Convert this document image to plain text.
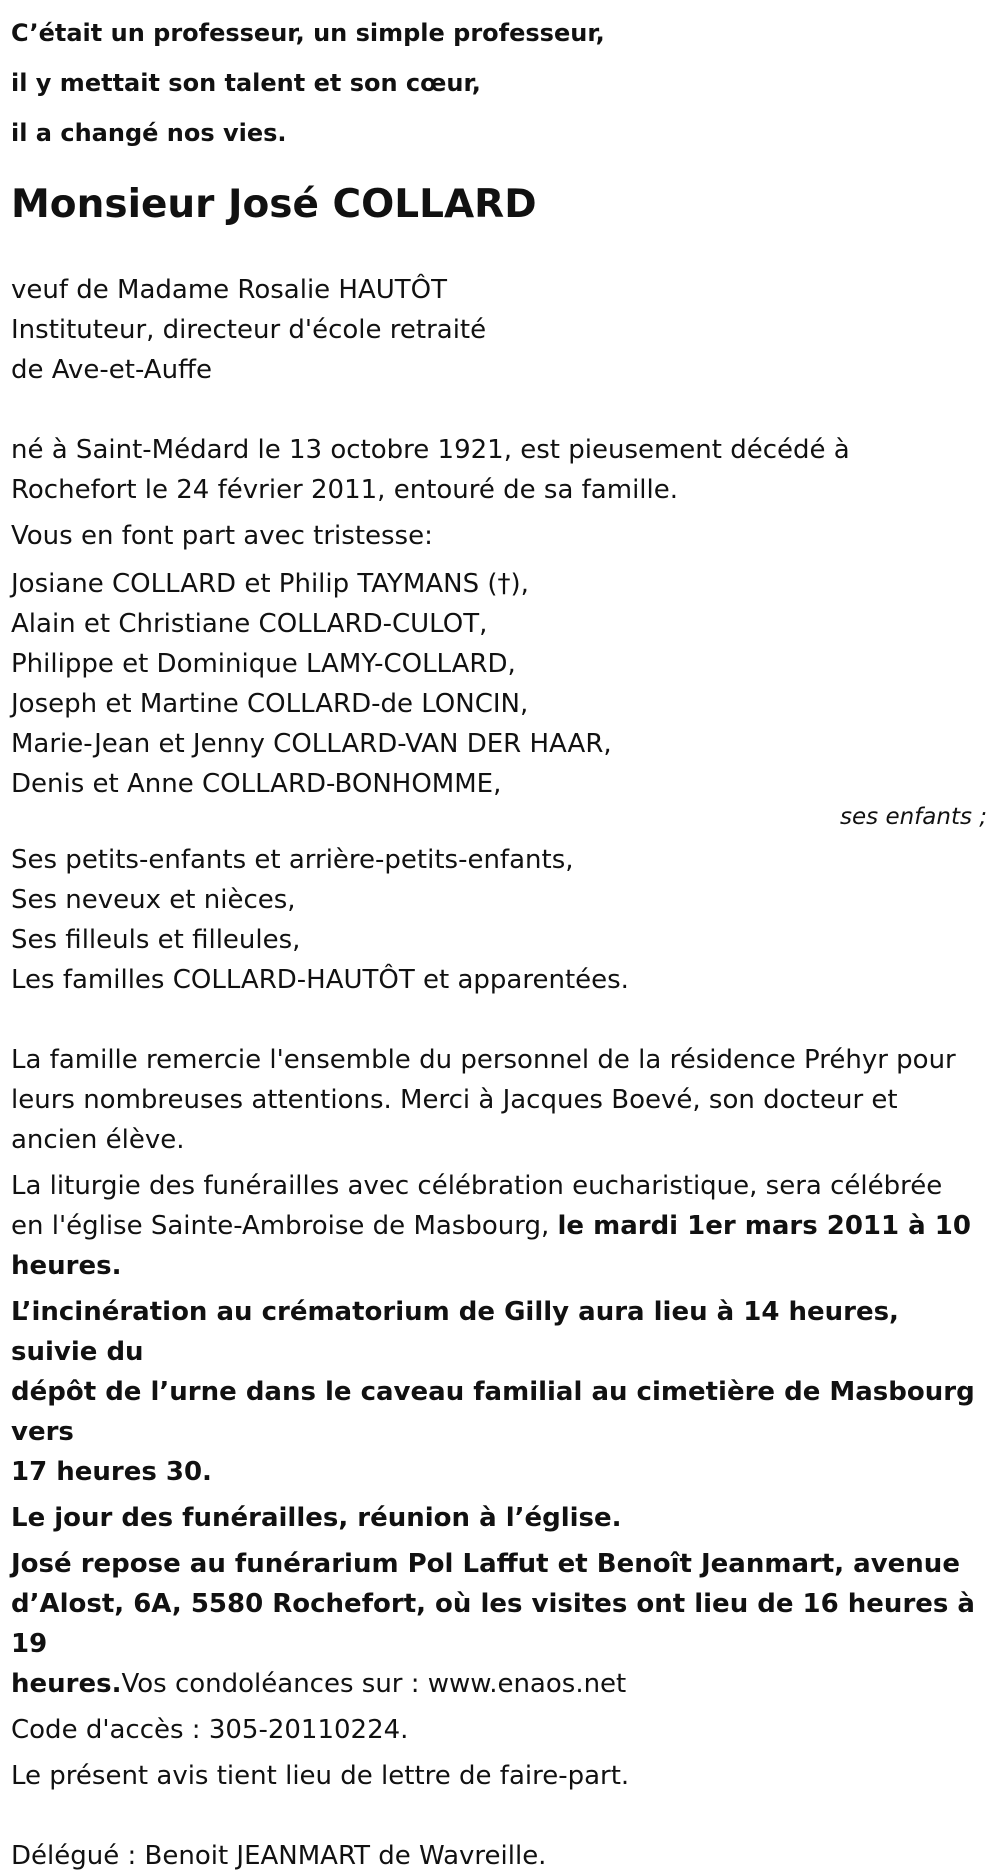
C’était un professeur, un simple professeur,

il y mettait son talent et son cœur,

il a changé nos vies.

Monsieur José COLLARD
veuf de Madame Rosalie HAUTÔT
Instituteur, directeur d'école retraité
de Ave-et-Auffe
né à Saint-Médard le 13 octobre 1921, est pieusement décédé à
Rochefort le 24 février 2011, entouré de sa famille.
Vous en font part avec tristesse:
Josiane COLLARD et Philip TAYMANS (†),
Alain et Christiane COLLARD-CULOT,
Philippe et Dominique LAMY-COLLARD,
Joseph et Martine COLLARD-de LONCIN,
Marie-Jean et Jenny COLLARD-VAN DER HAAR,
Denis et Anne COLLARD-BONHOMME,
ses enfants ;
Ses petits-enfants et arrière-petits-enfants,
Ses neveux et nièces,
Ses filleuls et filleules,
Les familles COLLARD-HAUTÔT et apparentées.
La famille remercie l'ensemble du personnel de la résidence Préhyr pour
leurs nombreuses attentions. Merci à Jacques Boevé, son docteur et
ancien élève.
La liturgie des funérailles avec célébration eucharistique, sera célébrée
en l'église Sainte-Ambroise de Masbourg, le mardi 1er mars 2011 à 10
heures.
L’incinération au crématorium de Gilly aura lieu à 14 heures, suivie du
dépôt de l’urne dans le caveau familial au cimetière de Masbourg vers
17 heures 30.
Le jour des funérailles, réunion à l’église.
José repose au funérarium Pol Laffut et Benoît Jeanmart, avenue
d’Alost, 6A, 5580 Rochefort, où les visites ont lieu de 16 heures à 19
heures.Vos condoléances sur : www.enaos.net
Code d'accès : 305-20110224.
Le présent avis tient lieu de lettre de faire-part.
Délégué : Benoit JEANMART de Wavreille.
